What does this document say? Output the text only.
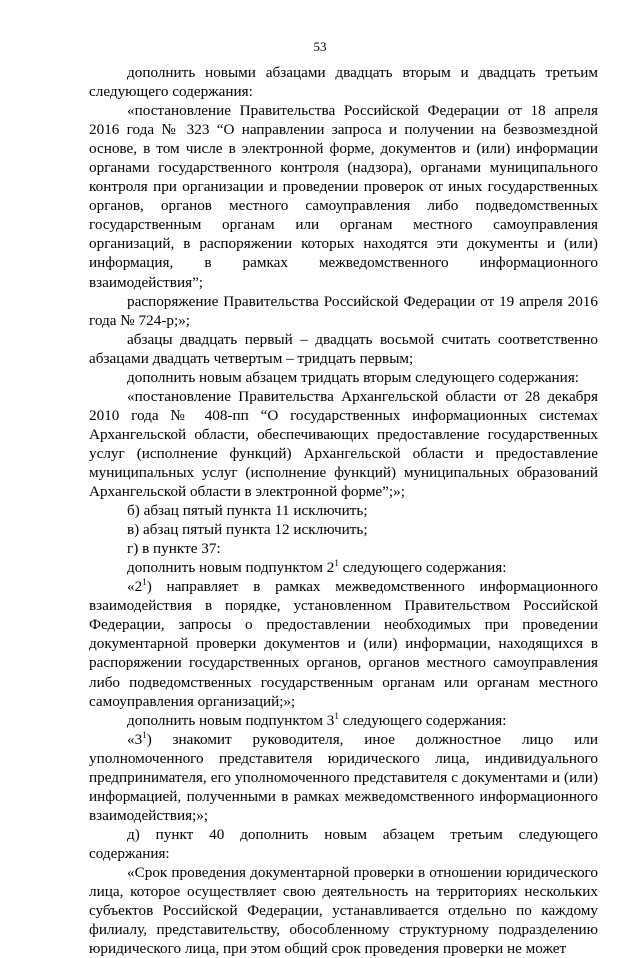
53

дополнить новыми абзацами двадцать вторым и двадцать третьим следующего содержания:

«постановление Правительства Российской Федерации от 18 апреля 2016 года № 323 “О направлении запроса и получении на безвозмездной основе, в том числе в электронной форме, документов и (или) информации органами государственного контроля (надзора), органами муниципального контроля при организации и проведении проверок от иных государственных органов, органов местного самоуправления либо подведомственных государственным органам или органам местного самоуправления организаций, в распоряжении которых находятся эти документы и (или) информация, в рамках межведомственного информационного взаимодействия”;

распоряжение Правительства Российской Федерации от 19 апреля 2016 года № 724-р;»;

абзацы двадцать первый – двадцать восьмой считать соответственно абзацами двадцать четвертым – тридцать первым;

дополнить новым абзацем тридцать вторым следующего содержания:

«постановление Правительства Архангельской области от 28 декабря 2010 года № 408-пп “О государственных информационных системах Архангельской области, обеспечивающих предоставление государственных услуг (исполнение функций) Архангельской области и предоставление муниципальных услуг (исполнение функций) муниципальных образований Архангельской области в электронной форме”;»;

б) абзац пятый пункта 11 исключить;

в) абзац пятый пункта 12 исключить;

г) в пункте 37:

дополнить новым подпунктом $2^1$ следующего содержания:

«$2^1$) направляет в рамках межведомственного информационного взаимодействия в порядке, установленном Правительством Российской Федерации, запросы о предоставлении необходимых при проведении документарной проверки документов и (или) информации, находящихся в распоряжении государственных органов, органов местного самоуправления либо подведомственных государственным органам или органам местного самоуправления организаций;»;

дополнить новым подпунктом $3^1$ следующего содержания:

«$3^1$) знакомит руководителя, иное должностное лицо или уполномоченного представителя юридического лица, индивидуального предпринимателя, его уполномоченного представителя с документами и (или) информацией, полученными в рамках межведомственного информационного взаимодействия;»;

д) пункт 40 дополнить новым абзацем третьим следующего содержания:

«Срок проведения документарной проверки в отношении юридического лица, которое осуществляет свою деятельность на территориях нескольких субъектов Российской Федерации, устанавливается отдельно по каждому филиалу, представительству, обособленному структурному подразделению юридического лица, при этом общий срок проведения проверки не может
